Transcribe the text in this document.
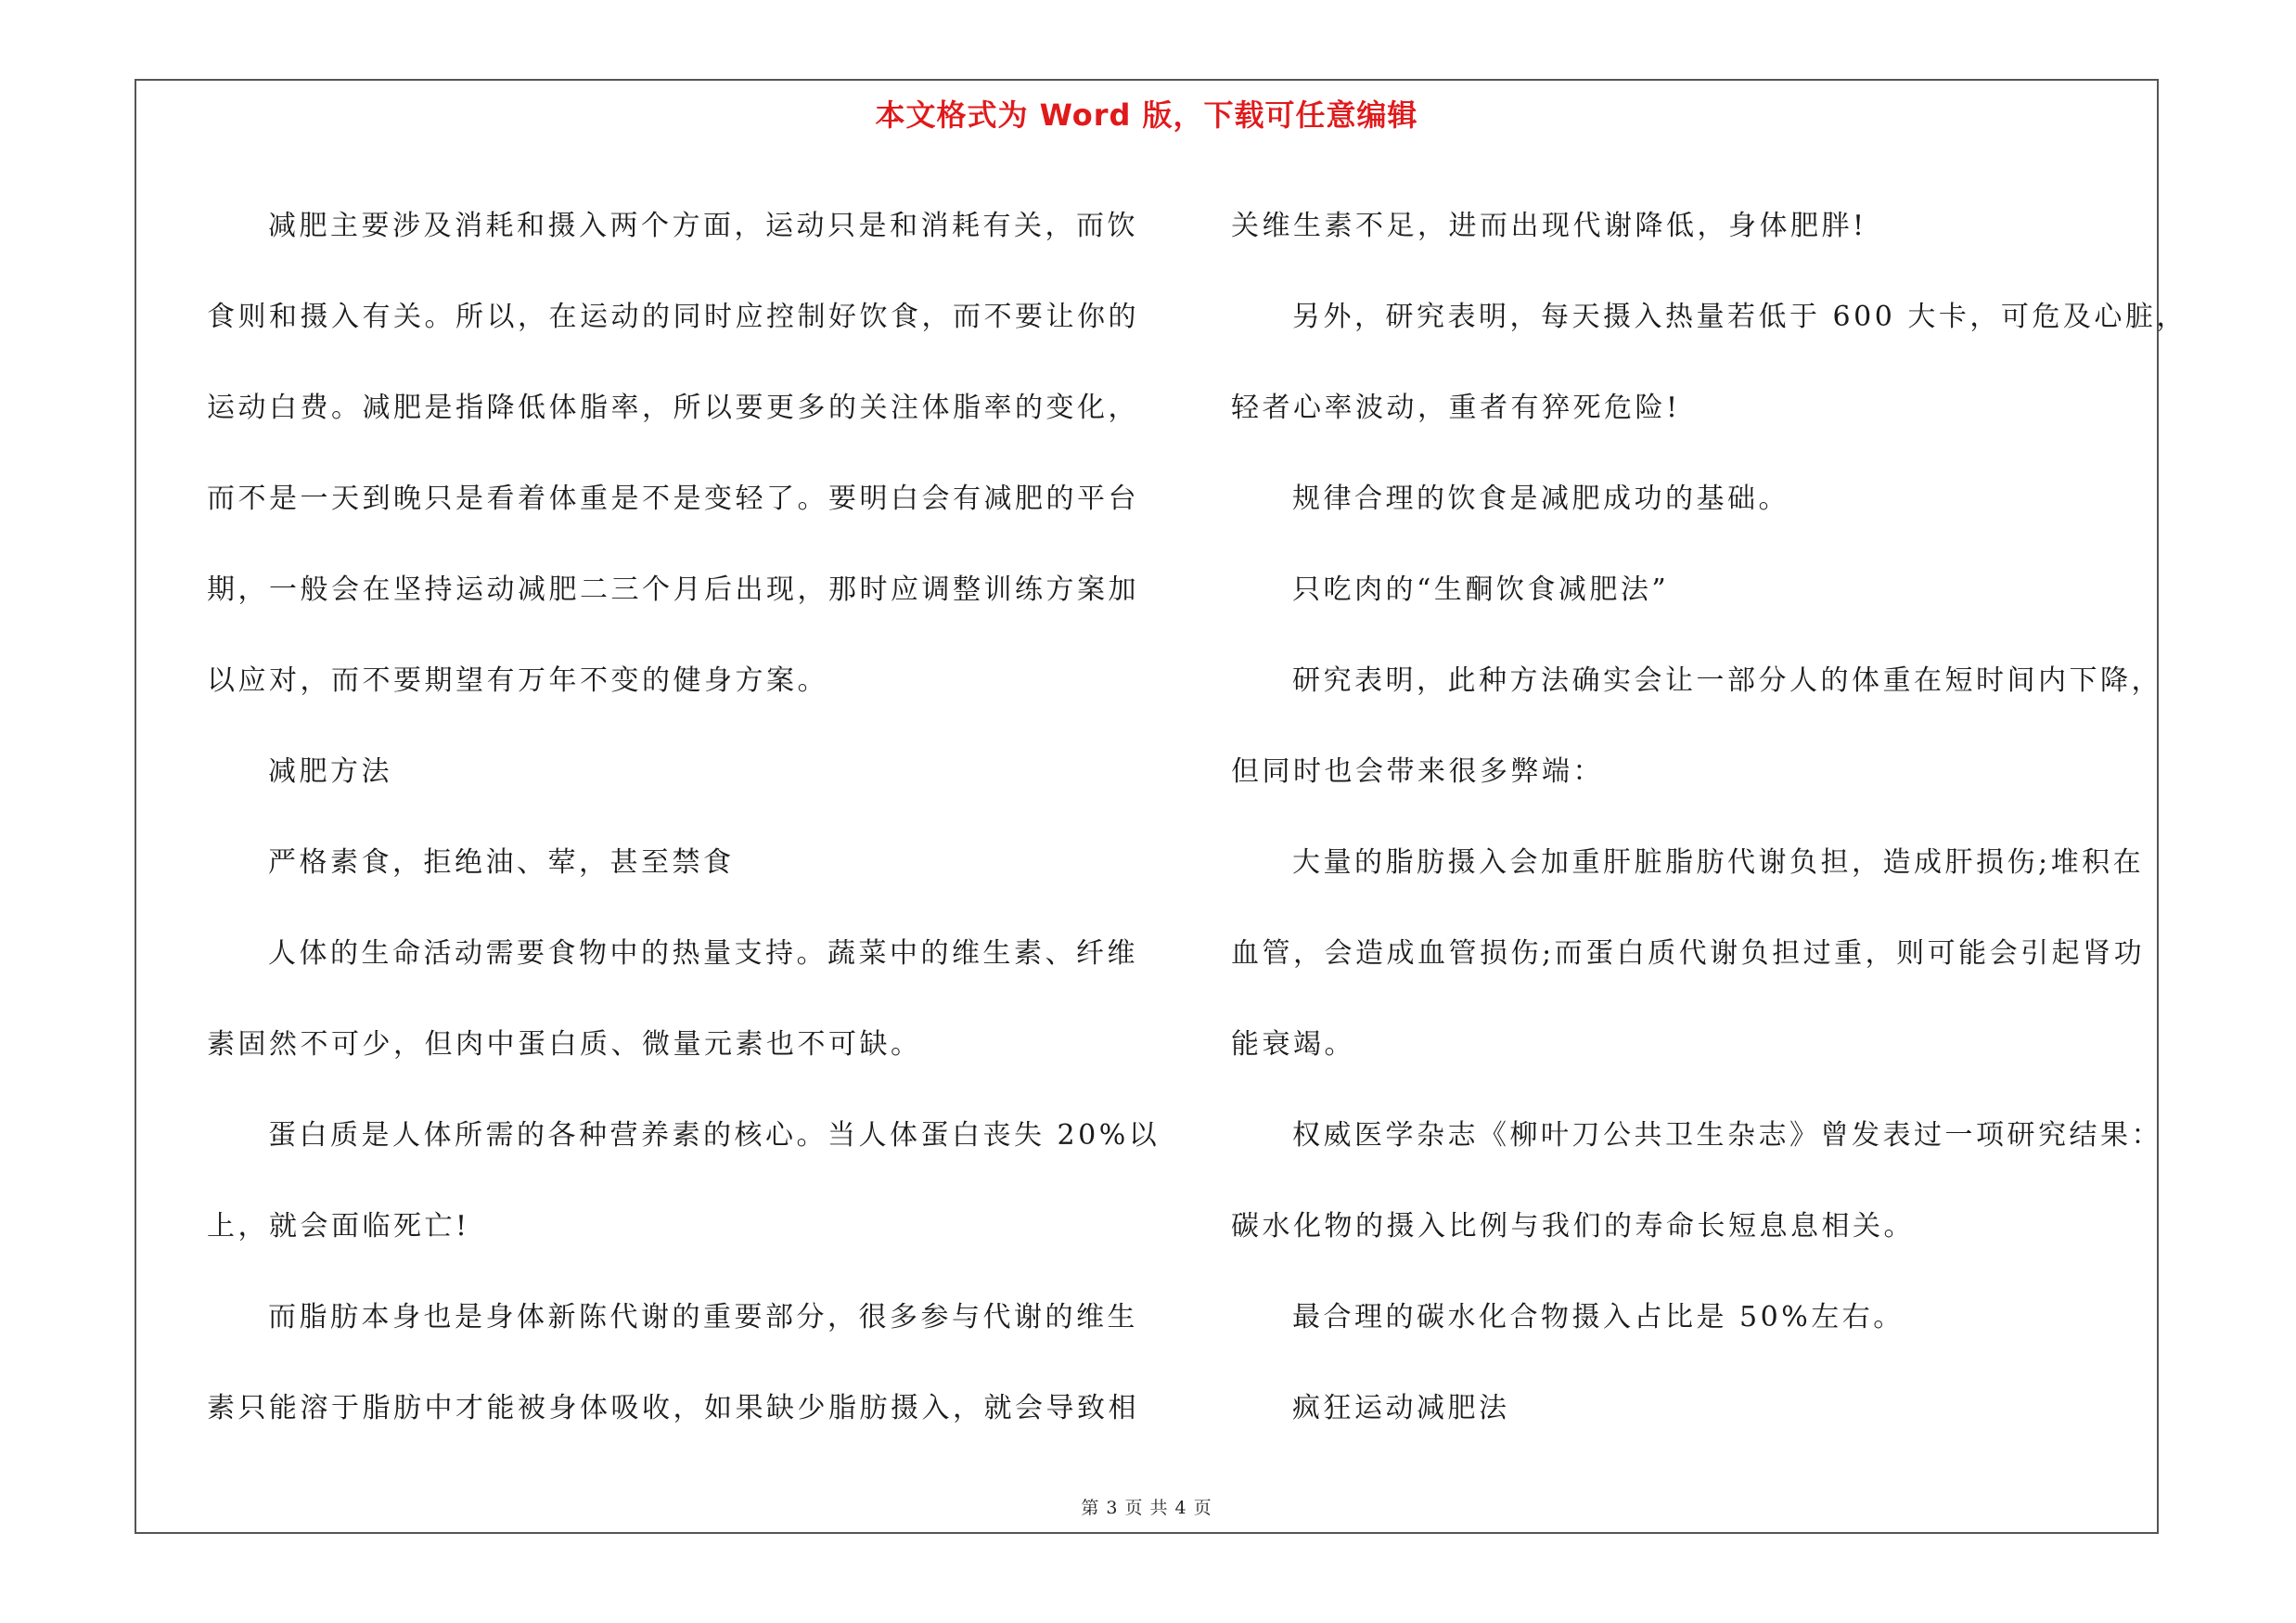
本文格式为 Word 版，下载可任意编辑
减肥主要涉及消耗和摄入两个方面，运动只是和消耗有关，而饮
食则和摄入有关。所以，在运动的同时应控制好饮食，而不要让你的
运动白费。减肥是指降低体脂率，所以要更多的关注体脂率的变化，
而不是一天到晚只是看着体重是不是变轻了。要明白会有减肥的平台
期，一般会在坚持运动减肥二三个月后出现，那时应调整训练方案加
以应对，而不要期望有万年不变的健身方案。
减肥方法
严格素食，拒绝油、荤，甚至禁食
人体的生命活动需要食物中的热量支持。蔬菜中的维生素、纤维
素固然不可少，但肉中蛋白质、微量元素也不可缺。
蛋白质是人体所需的各种营养素的核心。当人体蛋白丧失 20%以
上，就会面临死亡!
而脂肪本身也是身体新陈代谢的重要部分，很多参与代谢的维生
素只能溶于脂肪中才能被身体吸收，如果缺少脂肪摄入，就会导致相
关维生素不足，进而出现代谢降低，身体肥胖!
另外，研究表明，每天摄入热量若低于 600 大卡，可危及心脏，
轻者心率波动，重者有猝死危险!
规律合理的饮食是减肥成功的基础。
只吃肉的“生酮饮食减肥法”
研究表明，此种方法确实会让一部分人的体重在短时间内下降，
但同时也会带来很多弊端：
大量的脂肪摄入会加重肝脏脂肪代谢负担，造成肝损伤;堆积在
血管，会造成血管损伤;而蛋白质代谢负担过重，则可能会引起肾功
能衰竭。
权威医学杂志《柳叶刀公共卫生杂志》曾发表过一项研究结果：
碳水化物的摄入比例与我们的寿命长短息息相关。
最合理的碳水化合物摄入占比是 50%左右。
疯狂运动减肥法
第 3 页 共 4 页
